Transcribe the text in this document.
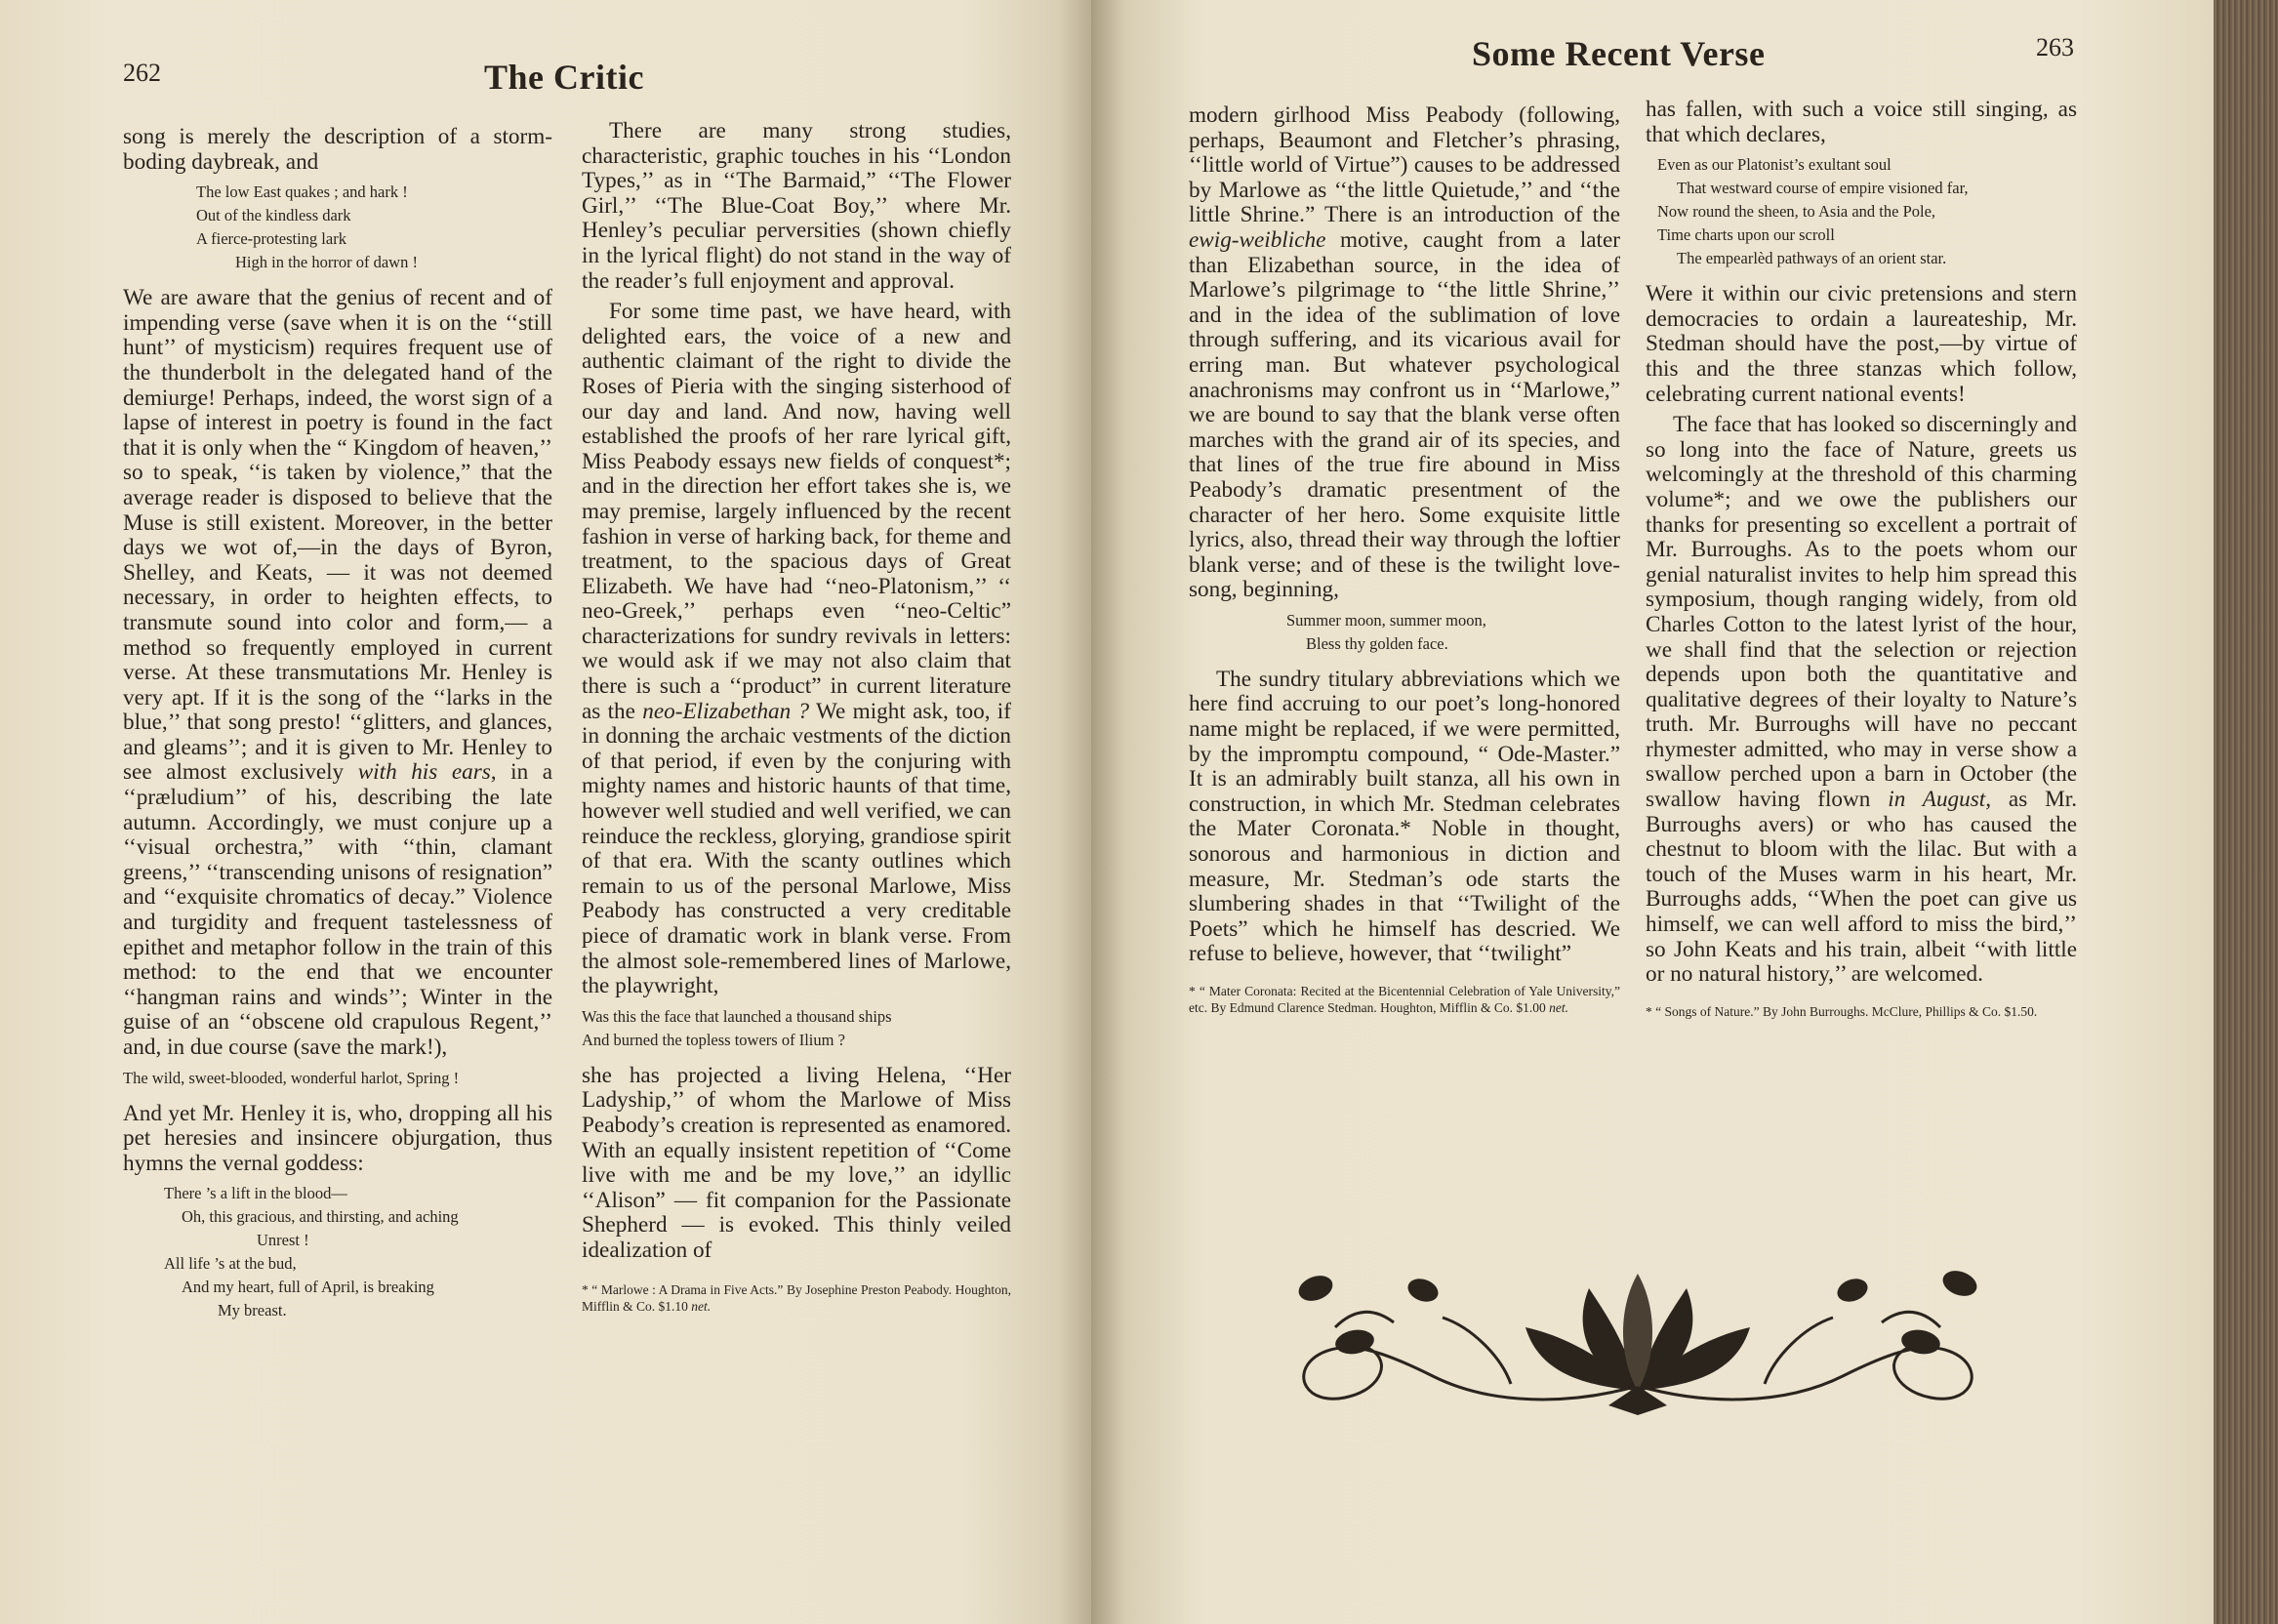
262	The Critic

song is merely the description of a storm-boding daybreak, and

The low East quakes ; and hark !
Out of the kindless dark
A fierce-protesting lark
High in the horror of dawn !

We are aware that the genius of recent and of impending verse (save when it is on the ‘‘still hunt’’ of mysticism) requires frequent use of the thunderbolt in the delegated hand of the demiurge! Perhaps, indeed, the worst sign of a lapse of interest in poetry is found in the fact that it is only when the “ Kingdom of heaven,’’ so to speak, ‘‘is taken by violence,” that the average reader is disposed to believe that the Muse is still existent. Moreover, in the better days we wot of,—in the days of Byron, Shelley, and Keats, — it was not deemed necessary, in order to heighten effects, to transmute sound into color and form,— a method so frequently employed in current verse. At these transmutations Mr. Henley is very apt. If it is the song of the ‘‘larks in the blue,’’ that song presto! ‘‘glitters, and glances, and gleams’’; and it is given to Mr. Henley to see almost exclusively with his ears, in a ‘‘præludium’’ of his, describing the late autumn. Accordingly, we must conjure up a ‘‘visual orchestra,” with ‘‘thin, clamant greens,’’ ‘‘transcending unisons of resignation” and ‘‘exquisite chromatics of decay.” Violence and turgidity and frequent tastelessness of epithet and metaphor follow in the train of this method: to the end that we encounter ‘‘hangman rains and winds’’; Winter in the guise of an ‘‘obscene old crapulous Regent,’’ and, in due course (save the mark!),

The wild, sweet-blooded, wonderful harlot, Spring !

And yet Mr. Henley it is, who, dropping all his pet heresies and insincere objurgation, thus hymns the vernal goddess:

There ’s a lift in the blood—
Oh, this gracious, and thirsting, and aching
Unrest !
All life ’s at the bud,
And my heart, full of April, is breaking
My breast.

There are many strong studies, characteristic, graphic touches in his ‘‘London Types,’’ as in ‘‘The Barmaid,” ‘‘The Flower Girl,’’ ‘‘The Blue-Coat Boy,’’ where Mr. Henley’s peculiar perversities (shown chiefly in the lyrical flight) do not stand in the way of the reader’s full enjoyment and approval.

For some time past, we have heard, with delighted ears, the voice of a new and authentic claimant of the right to divide the Roses of Pieria with the singing sisterhood of our day and land. And now, having well established the proofs of her rare lyrical gift, Miss Peabody essays new fields of conquest*; and in the direction her effort takes she is, we may premise, largely influenced by the recent fashion in verse of harking back, for theme and treatment, to the spacious days of Great Elizabeth. We have had ‘‘neo-Platonism,’’ ‘‘ neo-Greek,’’ perhaps even ‘‘neo-Celtic” characterizations for sundry revivals in letters: we would ask if we may not also claim that there is such a ‘‘product” in current literature as the neo-Elizabethan ? We might ask, too, if in donning the archaic vestments of the diction of that period, if even by the conjuring with mighty names and historic haunts of that time, however well studied and well verified, we can reinduce the reckless, glorying, grandiose spirit of that era. With the scanty outlines which remain to us of the personal Marlowe, Miss Peabody has constructed a very creditable piece of dramatic work in blank verse. From the almost sole-remembered lines of Marlowe, the playwright,

Was this the face that launched a thousand ships
And burned the topless towers of Ilium ?

she has projected a living Helena, ‘‘Her Ladyship,’’ of whom the Marlowe of Miss Peabody’s creation is represented as enamored. With an equally insistent repetition of ‘‘Come live with me and be my love,’’ an idyllic ‘‘Alison” — fit companion for the Passionate Shepherd — is evoked. This thinly veiled idealization of

* “ Marlowe : A Drama in Five Acts.” By Josephine Preston Peabody. Houghton, Mifflin & Co. $1.10 net.
Some Recent Verse	263

modern girlhood Miss Peabody (following, perhaps, Beaumont and Fletcher’s phrasing, ‘‘little world of Virtue”) causes to be addressed by Marlowe as ‘‘the little Quietude,’’ and ‘‘the little Shrine.” There is an introduction of the ewig-weibliche motive, caught from a later than Elizabethan source, in the idea of Marlowe’s pilgrimage to ‘‘the little Shrine,’’ and in the idea of the sublimation of love through suffering, and its vicarious avail for erring man. But whatever psychological anachronisms may confront us in ‘‘Marlowe,” we are bound to say that the blank verse often marches with the grand air of its species, and that lines of the true fire abound in Miss Peabody’s dramatic presentment of the character of her hero. Some exquisite little lyrics, also, thread their way through the loftier blank verse; and of these is the twilight love-song, beginning,

Summer moon, summer moon,
Bless thy golden face.

The sundry titulary abbreviations which we here find accruing to our poet’s long-honored name might be replaced, if we were permitted, by the impromptu compound, “ Ode-Master.” It is an admirably built stanza, all his own in construction, in which Mr. Stedman celebrates the Mater Coronata.* Noble in thought, sonorous and harmonious in diction and measure, Mr. Stedman’s ode starts the slumbering shades in that ‘‘Twilight of the Poets” which he himself has descried. We refuse to believe, however, that ‘‘twilight”

* “ Mater Coronata: Recited at the Bicentennial Celebration of Yale University,” etc. By Edmund Clarence Stedman. Houghton, Mifflin & Co. $1.00 net.

has fallen, with such a voice still singing, as that which declares,

Even as our Platonist’s exultant soul
That westward course of empire visioned far,
Now round the sheen, to Asia and the Pole,
Time charts upon our scroll
The empearlèd pathways of an orient star.

Were it within our civic pretensions and stern democracies to ordain a laureateship, Mr. Stedman should have the post,—by virtue of this and the three stanzas which follow, celebrating current national events!

The face that has looked so discerningly and so long into the face of Nature, greets us welcomingly at the threshold of this charming volume*; and we owe the publishers our thanks for presenting so excellent a portrait of Mr. Burroughs. As to the poets whom our genial naturalist invites to help him spread this symposium, though ranging widely, from old Charles Cotton to the latest lyrist of the hour, we shall find that the selection or rejection depends upon both the quantitative and qualitative degrees of their loyalty to Nature’s truth. Mr. Burroughs will have no peccant rhymester admitted, who may in verse show a swallow perched upon a barn in October (the swallow having flown in August, as Mr. Burroughs avers) or who has caused the chestnut to bloom with the lilac. But with a touch of the Muses warm in his heart, Mr. Burroughs adds, ‘‘When the poet can give us himself, we can well afford to miss the bird,’’ so John Keats and his train, albeit ‘‘with little or no natural history,’’ are welcomed.

* “ Songs of Nature.” By John Burroughs. McClure, Phillips & Co. $1.50.
